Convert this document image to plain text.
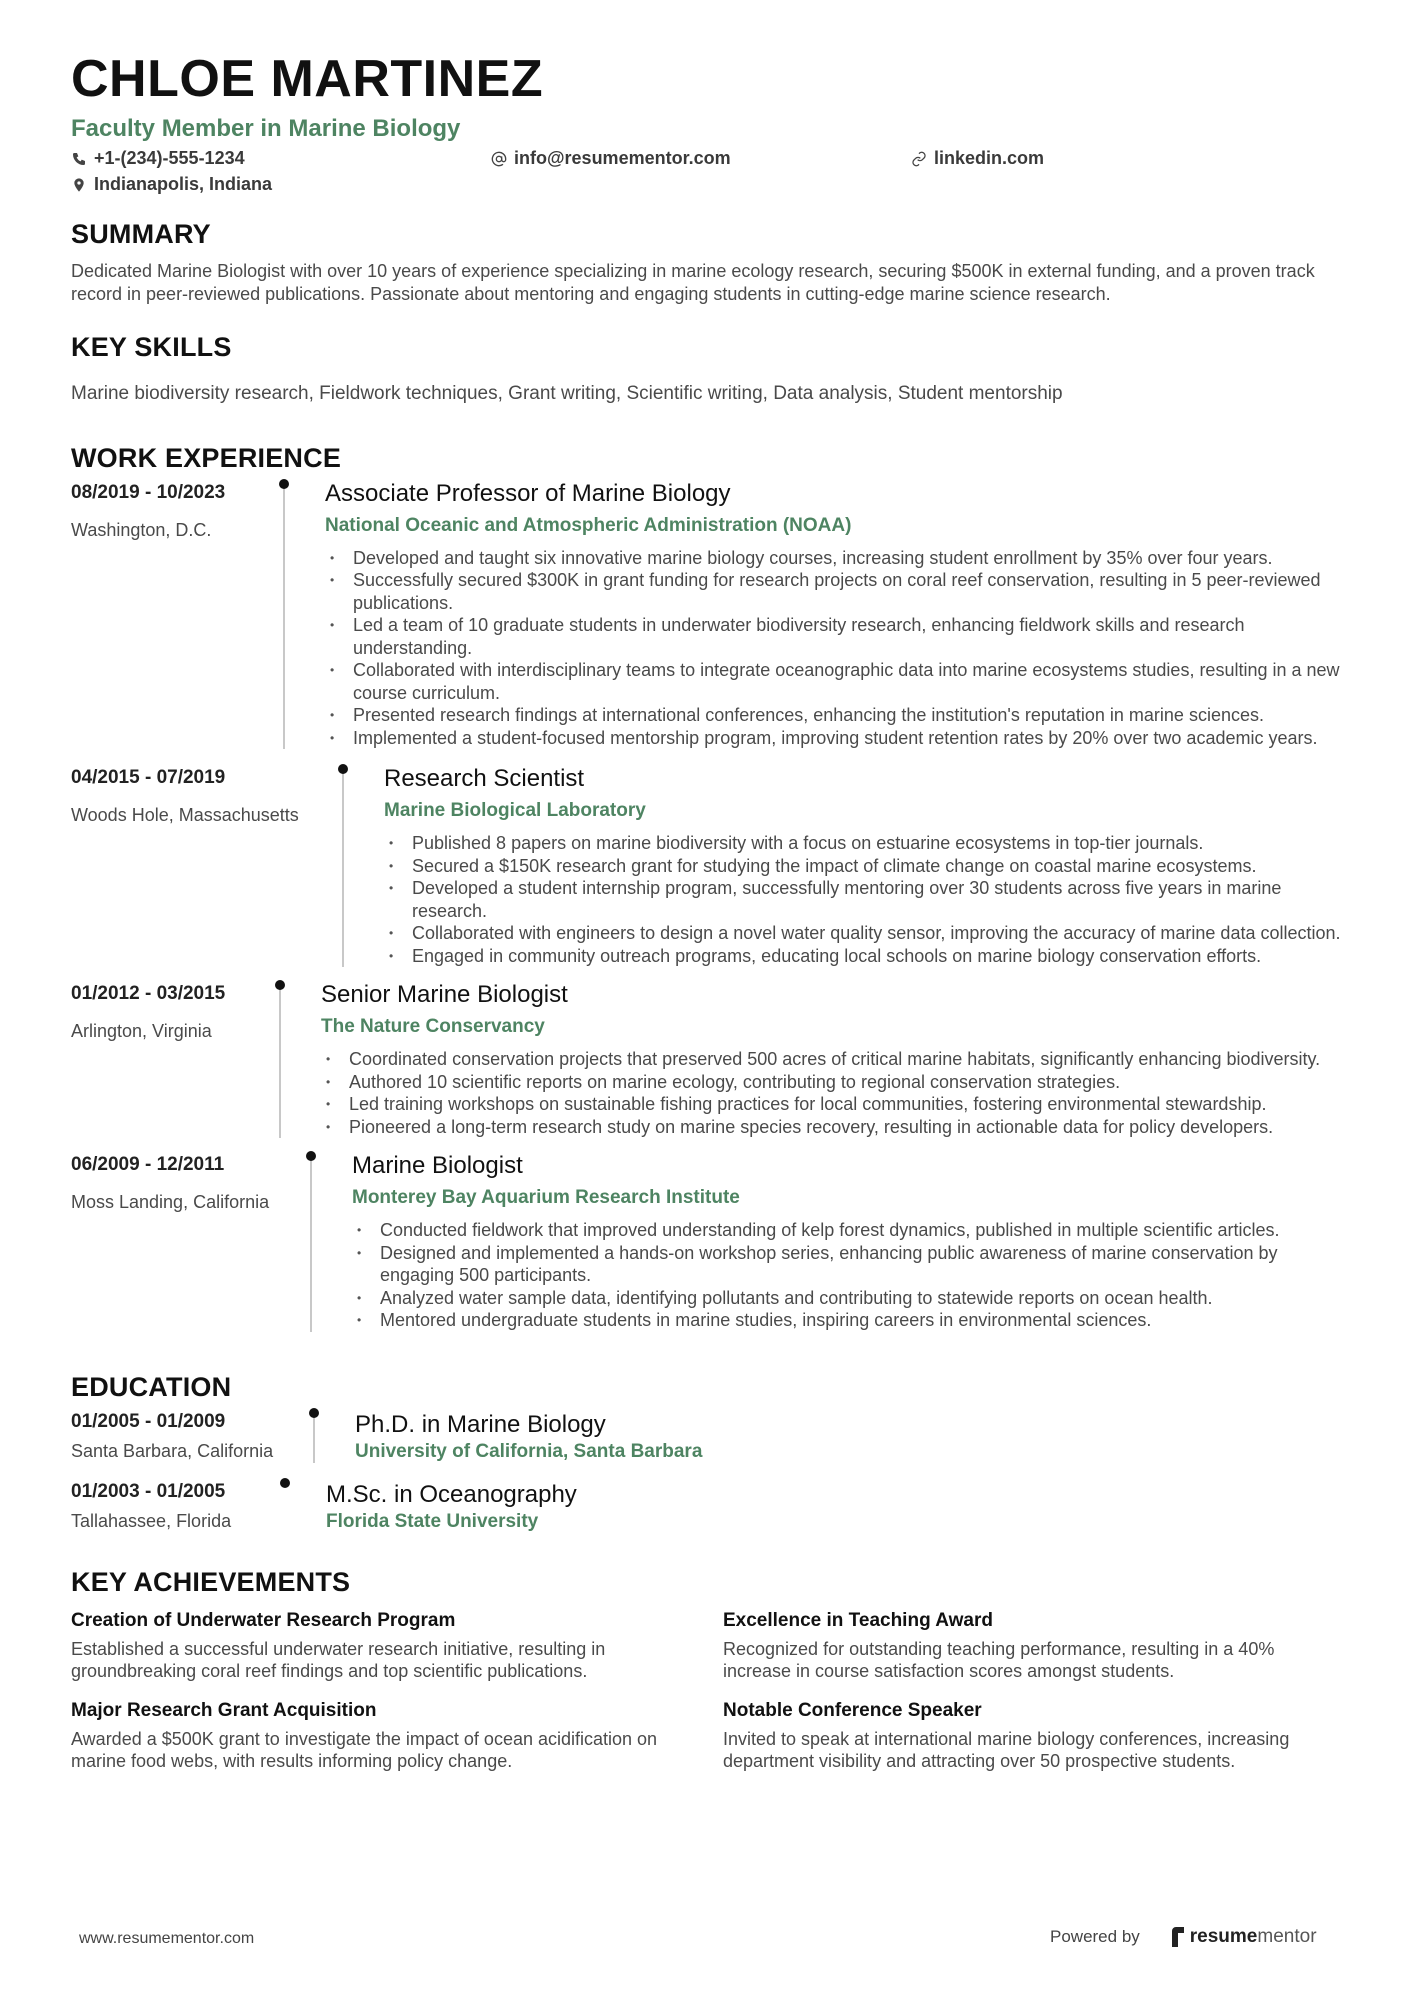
CHLOE MARTINEZ
Faculty Member in Marine Biology
+1-(234)-555-1234	info@resumementor.com	linkedin.com
Indianapolis, Indiana
SUMMARY
Dedicated Marine Biologist with over 10 years of experience specializing in marine ecology research, securing $500K in external funding, and a proven track record in peer-reviewed publications. Passionate about mentoring and engaging students in cutting-edge marine science research.
KEY SKILLS
Marine biodiversity research, Fieldwork techniques, Grant writing, Scientific writing, Data analysis, Student mentorship
WORK EXPERIENCE
08/2019 - 10/2023
Washington, D.C.
Associate Professor of Marine Biology
National Oceanic and Atmospheric Administration (NOAA)
• Developed and taught six innovative marine biology courses, increasing student enrollment by 35% over four years.
• Successfully secured $300K in grant funding for research projects on coral reef conservation, resulting in 5 peer-reviewed publications.
• Led a team of 10 graduate students in underwater biodiversity research, enhancing fieldwork skills and research understanding.
• Collaborated with interdisciplinary teams to integrate oceanographic data into marine ecosystems studies, resulting in a new course curriculum.
• Presented research findings at international conferences, enhancing the institution's reputation in marine sciences.
• Implemented a student-focused mentorship program, improving student retention rates by 20% over two academic years.
04/2015 - 07/2019
Woods Hole, Massachusetts
Research Scientist
Marine Biological Laboratory
• Published 8 papers on marine biodiversity with a focus on estuarine ecosystems in top-tier journals.
• Secured a $150K research grant for studying the impact of climate change on coastal marine ecosystems.
• Developed a student internship program, successfully mentoring over 30 students across five years in marine research.
• Collaborated with engineers to design a novel water quality sensor, improving the accuracy of marine data collection.
• Engaged in community outreach programs, educating local schools on marine biology conservation efforts.
01/2012 - 03/2015
Arlington, Virginia
Senior Marine Biologist
The Nature Conservancy
• Coordinated conservation projects that preserved 500 acres of critical marine habitats, significantly enhancing biodiversity.
• Authored 10 scientific reports on marine ecology, contributing to regional conservation strategies.
• Led training workshops on sustainable fishing practices for local communities, fostering environmental stewardship.
• Pioneered a long-term research study on marine species recovery, resulting in actionable data for policy developers.
06/2009 - 12/2011
Moss Landing, California
Marine Biologist
Monterey Bay Aquarium Research Institute
• Conducted fieldwork that improved understanding of kelp forest dynamics, published in multiple scientific articles.
• Designed and implemented a hands-on workshop series, enhancing public awareness of marine conservation by engaging 500 participants.
• Analyzed water sample data, identifying pollutants and contributing to statewide reports on ocean health.
• Mentored undergraduate students in marine studies, inspiring careers in environmental sciences.
EDUCATION
01/2005 - 01/2009
Santa Barbara, California
Ph.D. in Marine Biology
University of California, Santa Barbara
01/2003 - 01/2005
Tallahassee, Florida
M.Sc. in Oceanography
Florida State University
KEY ACHIEVEMENTS
Creation of Underwater Research Program
Established a successful underwater research initiative, resulting in groundbreaking coral reef findings and top scientific publications.
Excellence in Teaching Award
Recognized for outstanding teaching performance, resulting in a 40% increase in course satisfaction scores amongst students.
Major Research Grant Acquisition
Awarded a $500K grant to investigate the impact of ocean acidification on marine food webs, with results informing policy change.
Notable Conference Speaker
Invited to speak at international marine biology conferences, increasing department visibility and attracting over 50 prospective students.
www.resumementor.com	Powered by	resume mentor
